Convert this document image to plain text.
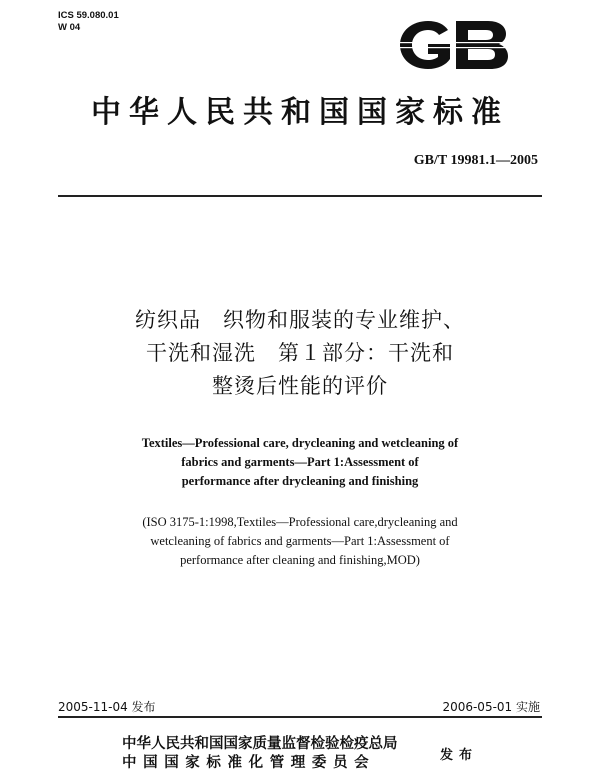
ICS 59.080.01
W 04
中华人民共和国国家标准
GB/T 19981.1—2005
纺织品　织物和服装的专业维护、
干洗和湿洗　第１部分：干洗和
整烫后性能的评价
Textiles—Professional care, drycleaning and wetcleaning of
fabrics and garments—Part 1:Assessment of
performance after drycleaning and finishing
(ISO 3175-1:1998,Textiles—Professional care,drycleaning and
wetcleaning of fabrics and garments—Part 1:Assessment of
performance after cleaning and finishing,MOD)
2005-11-04 发布	2006-05-01 实施
中华人民共和国国家质量监督检验检疫总局
中国国家标准化管理委员会	发布
